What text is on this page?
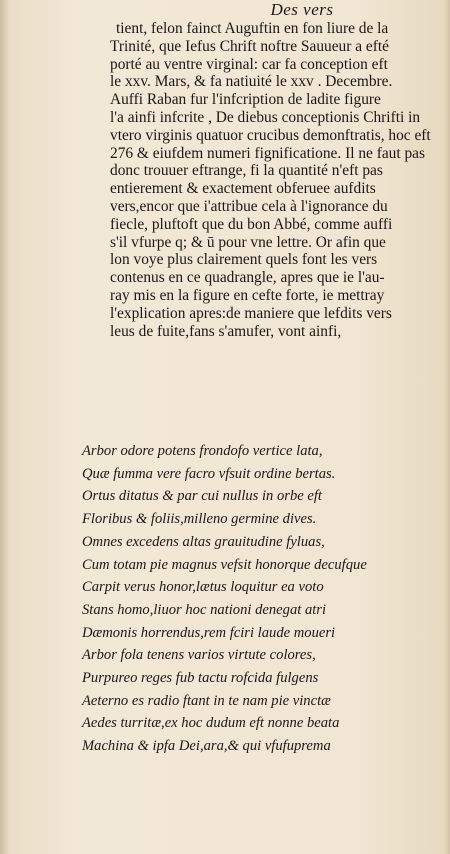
Des vers
tient, felon fainct Auguftin en fon liure de la
Trinité, que Iefus Chrift noftre Sauueur a efté
porté au ventre virginal: car fa conception eft
le xxv. Mars, & fa natiuité le xxv . Decembre.
Auffi Raban fur l'infcription de ladite figure
l'a ainfi infcrite , De diebus conceptionis Chrifti in
vtero virginis quatuor crucibus demonftratis, hoc eft
276 & eiufdem numeri fignificatione. Il ne faut pas
donc trouuer eftrange, fi la quantité n'eft pas
entierement & exactement obferuee aufdits
vers,encor que i'attribue cela à l'ignorance du
fiecle, pluftoft que du bon Abbé, comme auffi
s'il vfurpe q; & ū pour vne lettre. Or afin que
lon voye plus clairement quels font les vers
contenus en ce quadrangle, apres que ie l'au-
ray mis en la figure en cefte forte, ie mettray
l'explication apres:de maniere que lefdits vers
leus de fuite,fans s'amufer, vont ainfi,
Arbor odore potens frondofo vertice lata,
Quæ fumma vere facro vfsuit ordine bertas.
Ortus ditatus & par cui nullus in orbe eft
Floribus & foliis,milleno germine dives.
Omnes excedens altas grauitudine fyluas,
Cum totam pie magnus vefsit honorque decufque
Carpit verus honor,lætus loquitur ea voto
Stans homo,liuor hoc nationi denegat atri
Dæmonis horrendus,rem fciri laude moueri
Arbor fola tenens varios virtute colores,
Purpureo reges fub tactu rofcida fulgens
Aeterno es radio ftant in te nam pie vinctæ
Aedes turritæ,ex hoc dudum eft nonne beata
Machina & ipfa Dei,ara,& qui vfufuprema
